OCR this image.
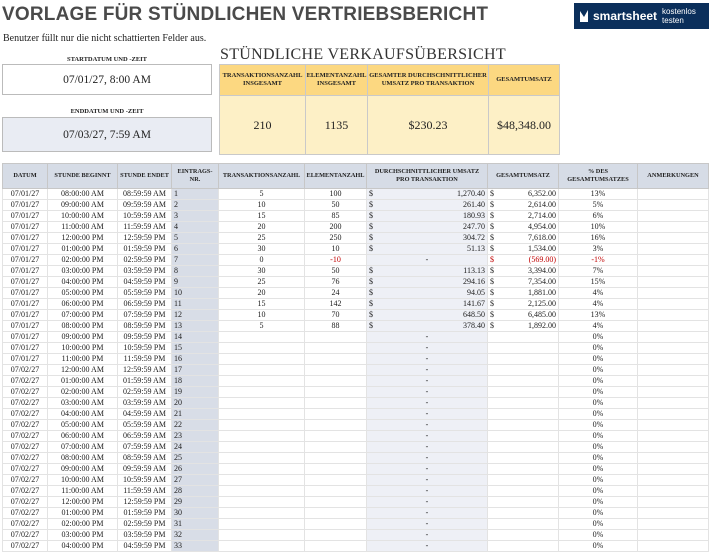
VORLAGE FÜR STÜNDLICHEN VERTRIEBSBERICHT
Benutzer füllt nur die nicht schattierten Felder aus.
smartsheet kostenlos testen
STARTDATUM UND -ZEIT
07/01/27, 8:00 AM
ENDDATUM UND -ZEIT
07/03/27, 7:59 AM
STÜNDLICHE VERKAUFSÜBERSICHT
TRANSAKTIONSANZAHL INSGESAMT	ELEMENTANZAHL INSGESAMT	GESAMTER DURCHSCHNITTLICHER UMSATZ PRO TRANSAKTION	GESAMTUMSATZ
210	1135	$230.23	$48,348.00
DATUM	STUNDE BEGINNT	STUNDE ENDET	EINTRAGS-NR.	TRANSAKTIONSANZAHL	ELEMENTANZAHL	DURCHSCHNITTLICHER UMSATZ PRO TRANSAKTION	GESAMTUMSATZ	% DES GESAMTUMSATZES	ANMERKUNGEN
07/01/27	08:00:00 AM	08:59:59 AM	1	5	100	$ 1,270.40	$ 6,352.00	13%	
07/01/27	09:00:00 AM	09:59:59 AM	2	10	50	$ 261.40	$ 2,614.00	5%	
07/01/27	10:00:00 AM	10:59:59 AM	3	15	85	$ 180.93	$ 2,714.00	6%	
07/01/27	11:00:00 AM	11:59:59 AM	4	20	200	$ 247.70	$ 4,954.00	10%	
07/01/27	12:00:00 PM	12:59:59 PM	5	25	250	$ 304.72	$ 7,618.00	16%	
07/01/27	01:00:00 PM	01:59:59 PM	6	30	10	$ 51.13	$ 1,534.00	3%	
07/01/27	02:00:00 PM	02:59:59 PM	7	0	-10	-	$ (569.00)	-1%	
07/01/27	03:00:00 PM	03:59:59 PM	8	30	50	$ 113.13	$ 3,394.00	7%	
07/01/27	04:00:00 PM	04:59:59 PM	9	25	76	$ 294.16	$ 7,354.00	15%	
07/01/27	05:00:00 PM	05:59:59 PM	10	20	24	$ 94.05	$ 1,881.00	4%	
07/01/27	06:00:00 PM	06:59:59 PM	11	15	142	$ 141.67	$ 2,125.00	4%	
07/01/27	07:00:00 PM	07:59:59 PM	12	10	70	$ 648.50	$ 6,485.00	13%	
07/01/27	08:00:00 PM	08:59:59 PM	13	5	88	$ 378.40	$ 1,892.00	4%	
07/01/27	09:00:00 PM	09:59:59 PM	14			-		0%	
07/01/27	10:00:00 PM	10:59:59 PM	15			-		0%	
07/01/27	11:00:00 PM	11:59:59 PM	16			-		0%	
07/02/27	12:00:00 AM	12:59:59 AM	17			-		0%	
07/02/27	01:00:00 AM	01:59:59 AM	18			-		0%	
07/02/27	02:00:00 AM	02:59:59 AM	19			-		0%	
07/02/27	03:00:00 AM	03:59:59 AM	20			-		0%	
07/02/27	04:00:00 AM	04:59:59 AM	21			-		0%	
07/02/27	05:00:00 AM	05:59:59 AM	22			-		0%	
07/02/27	06:00:00 AM	06:59:59 AM	23			-		0%	
07/02/27	07:00:00 AM	07:59:59 AM	24			-		0%	
07/02/27	08:00:00 AM	08:59:59 AM	25			-		0%	
07/02/27	09:00:00 AM	09:59:59 AM	26			-		0%	
07/02/27	10:00:00 AM	10:59:59 AM	27			-		0%	
07/02/27	11:00:00 AM	11:59:59 AM	28			-		0%	
07/02/27	12:00:00 PM	12:59:59 PM	29			-		0%	
07/02/27	01:00:00 PM	01:59:59 PM	30			-		0%	
07/02/27	02:00:00 PM	02:59:59 PM	31			-		0%	
07/02/27	03:00:00 PM	03:59:59 PM	32			-		0%	
07/02/27	04:00:00 PM	04:59:59 PM	33			-		0%	
